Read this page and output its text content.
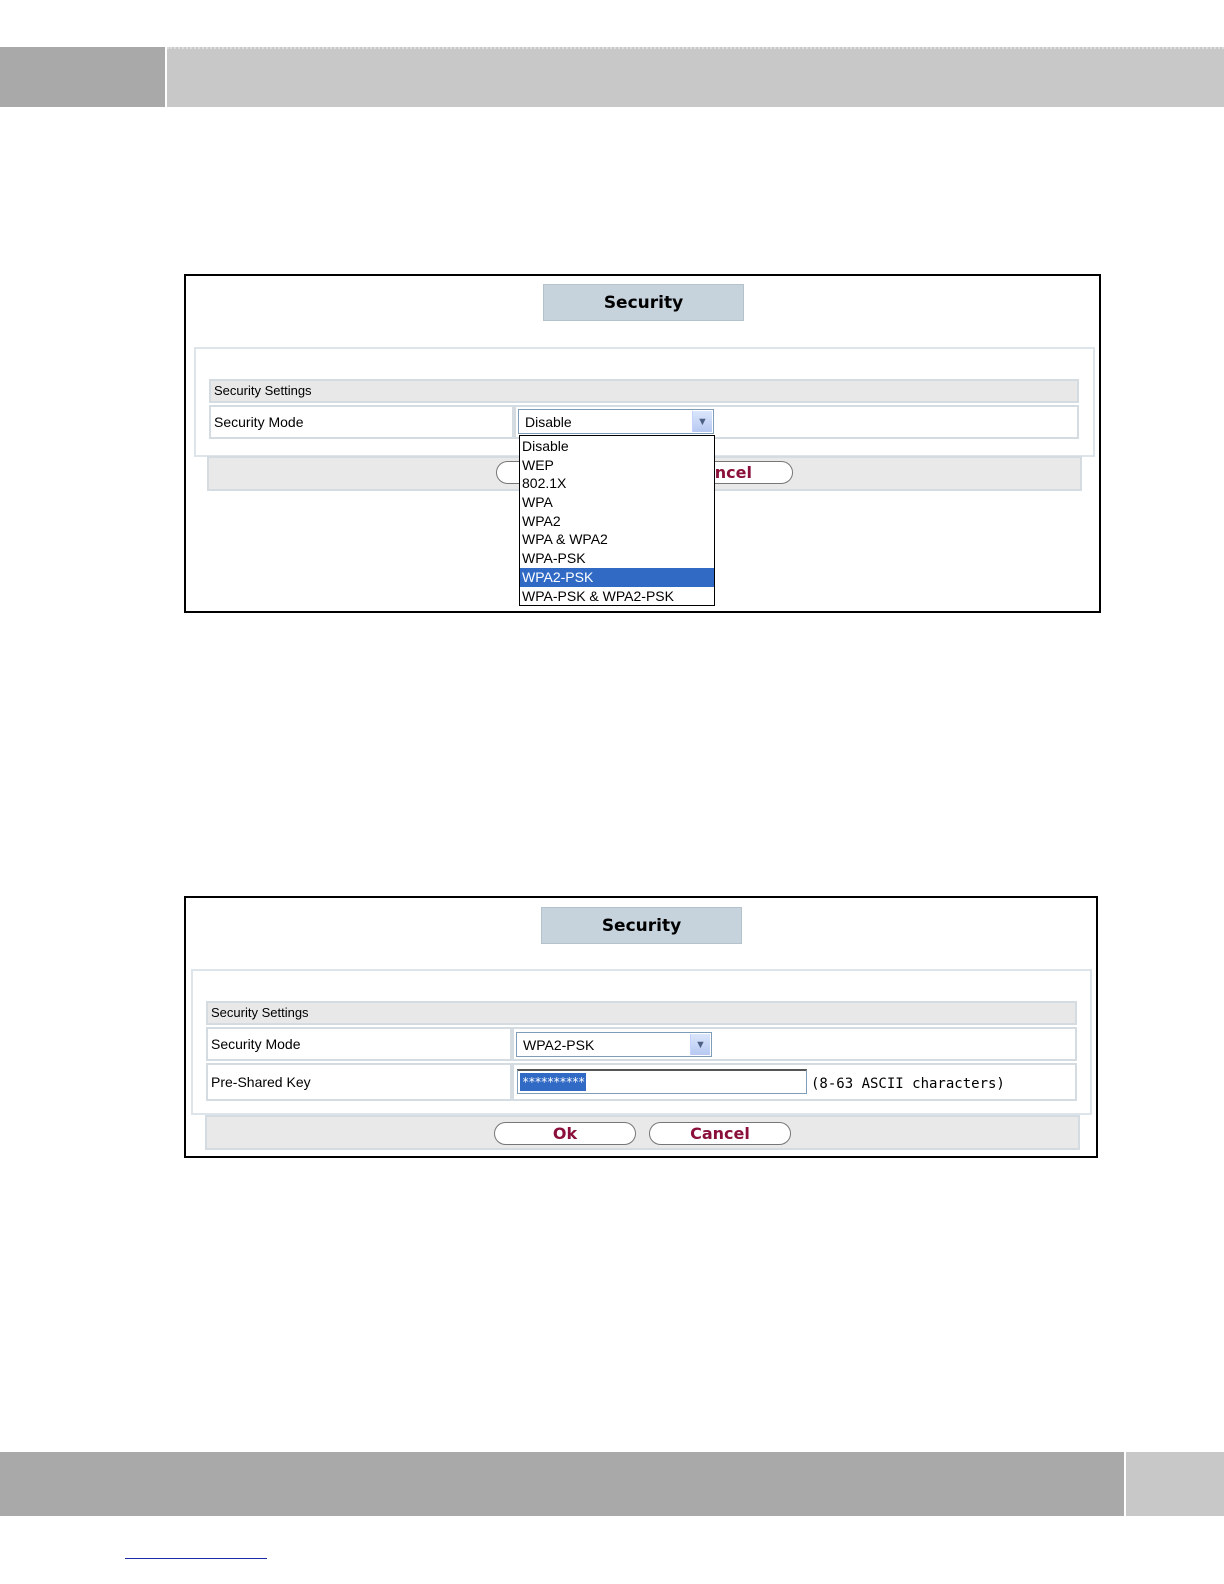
Security
Security Settings
Security Mode	Disable	▼
ncel
Disable
WEP
802.1X
WPA
WPA2
WPA & WPA2
WPA-PSK
WPA2-PSK
WPA-PSK & WPA2-PSK
Security
Security Settings
Security Mode	WPA2-PSK	▼
Pre-Shared Key	**********	(8-63 ASCII characters)
Ok	Cancel
